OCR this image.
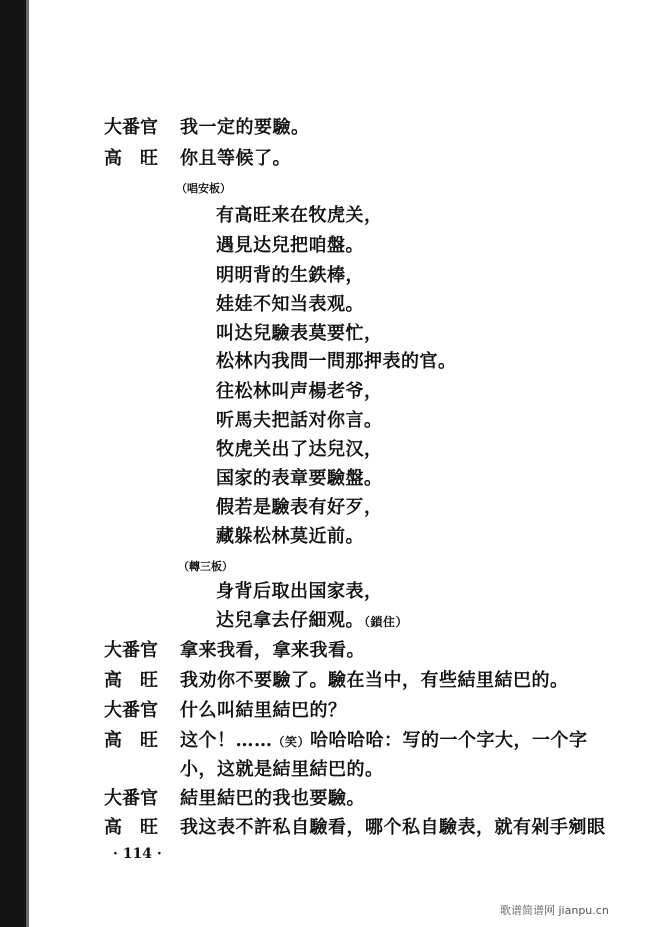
大番官 我一定的要驗。
高　旺 你且等候了。
（唱安板）
有高旺来在牧虎关，
遇見达兒把咱盤。
明明背的生鉄棒，
娃娃不知当表观。
叫达兒驗表莫要忙，
松林内我問一問那押表的官。
往松林叫声楊老爷，
听馬夫把話对你言。
牧虎关出了达兒汉，
国家的表章要驗盤。
假若是驗表有好歹，
藏躲松林莫近前。
（轉三板）
身背后取出国家表，
达兒拿去仔細观。（鎖住）
大番官 拿来我看，拿来我看。
高　旺 我劝你不要驗了。驗在当中，有些結里結巴的。
大番官 什么叫結里結巴的？
高　旺 这个！……（笑）哈哈哈哈：写的一个字大，一个字
小，这就是結里結巴的。
大番官 結里結巴的我也要驗。
高　旺 我这表不許私自驗看，哪个私自驗表，就有剁手剜眼
· 114 ·
歌谱简谱网 jianpu.cn
